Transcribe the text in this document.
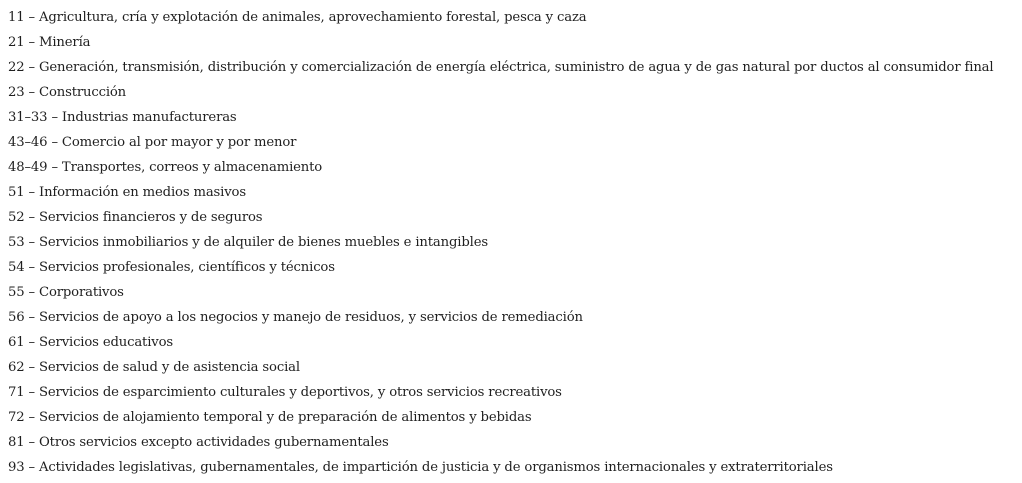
11 – Agricultura, cría y explotación de animales, aprovechamiento forestal, pesca y caza
21 – Minería
22 – Generación, transmisión, distribución y comercialización de energía eléctrica, suministro de agua y de gas natural por ductos al consumidor final
23 – Construcción
31–33 – Industrias manufactureras
43–46 – Comercio al por mayor y por menor
48–49 – Transportes, correos y almacenamiento
51 – Información en medios masivos
52 – Servicios financieros y de seguros
53 – Servicios inmobiliarios y de alquiler de bienes muebles e intangibles
54 – Servicios profesionales, científicos y técnicos
55 – Corporativos
56 – Servicios de apoyo a los negocios y manejo de residuos, y servicios de remediación
61 – Servicios educativos
62 – Servicios de salud y de asistencia social
71 – Servicios de esparcimiento culturales y deportivos, y otros servicios recreativos
72 – Servicios de alojamiento temporal y de preparación de alimentos y bebidas
81 – Otros servicios excepto actividades gubernamentales
93 – Actividades legislativas, gubernamentales, de impartición de justicia y de organismos internacionales y extraterritoriales
